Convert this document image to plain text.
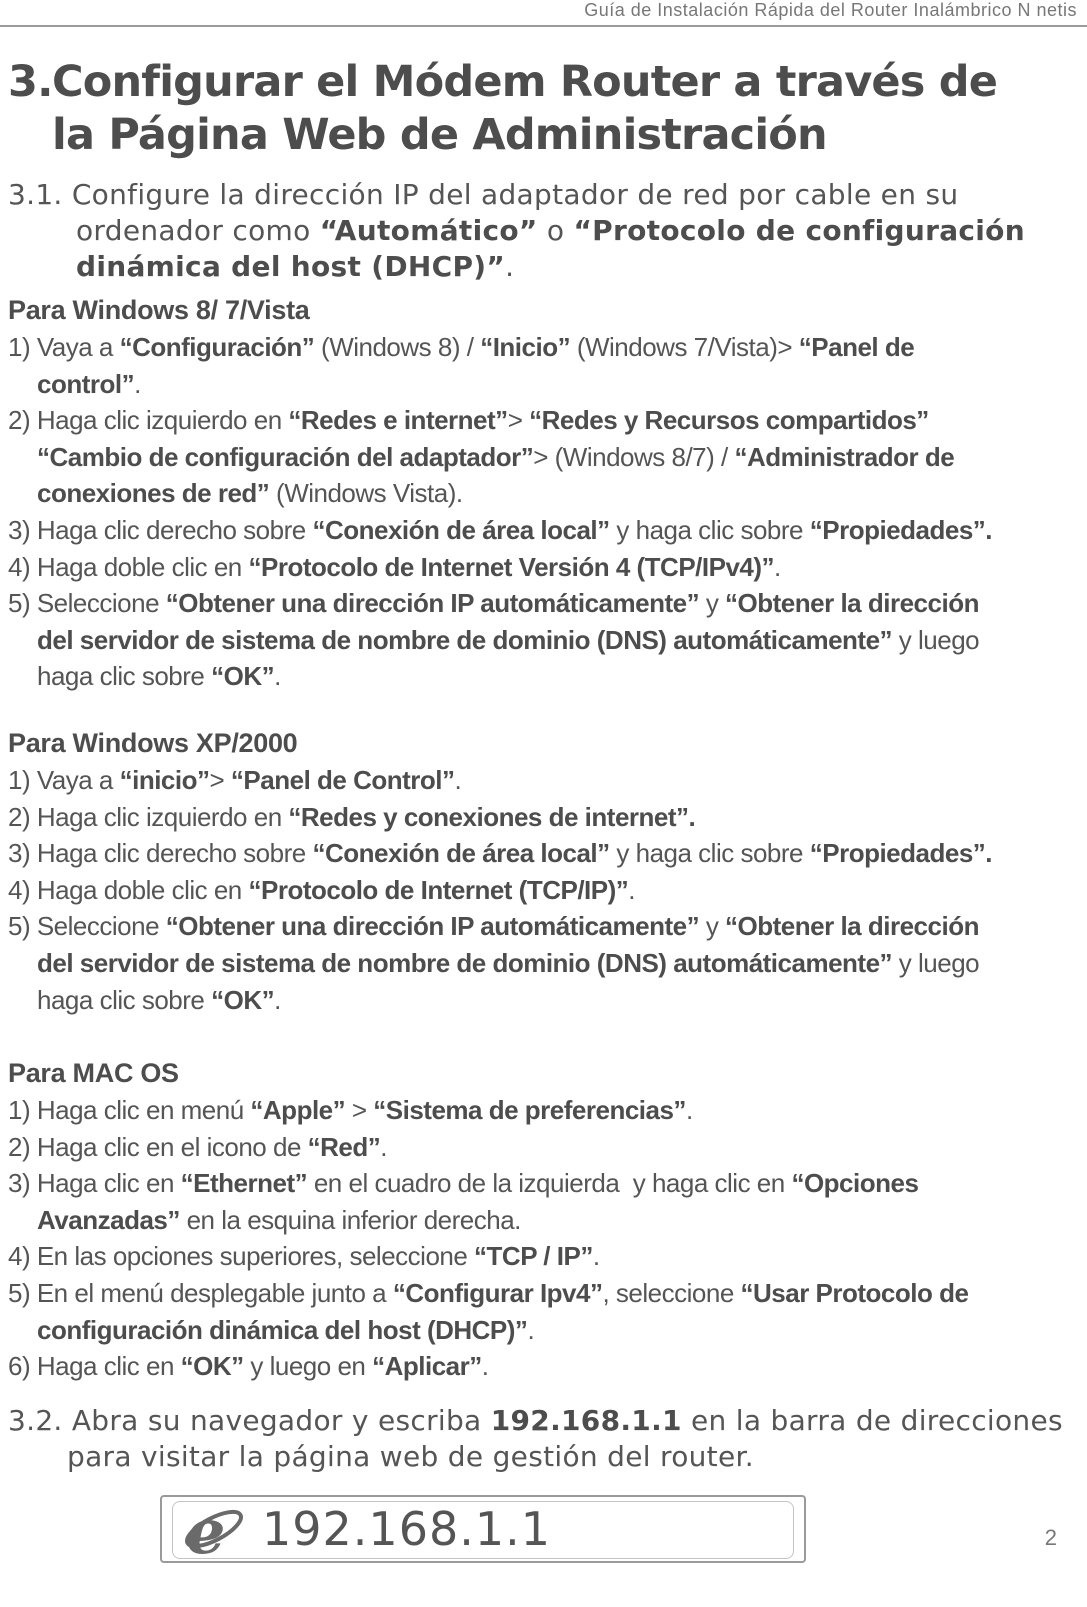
Guía de Instalación Rápida del Router Inalámbrico N netis
3.Configurar el Módem Router a través de
la Página Web de Administración

3.1. Configure la dirección IP del adaptador de red por cable en su
ordenador como “Automático” o “Protocolo de configuración
dinámica del host (DHCP)”.

Para Windows 8/ 7/Vista
1) Vaya a “Configuración” (Windows 8) / “Inicio” (Windows 7/Vista)> “Panel de
control”.
2) Haga clic izquierdo en “Redes e internet”> “Redes y Recursos compartidos”
“Cambio de configuración del adaptador”> (Windows 8/7) / “Administrador de
conexiones de red” (Windows Vista).
3) Haga clic derecho sobre “Conexión de área local” y haga clic sobre “Propiedades”.
4) Haga doble clic en “Protocolo de Internet Versión 4 (TCP/IPv4)”.
5) Seleccione “Obtener una dirección IP automáticamente” y “Obtener la dirección
del servidor de sistema de nombre de dominio (DNS) automáticamente” y luego
haga clic sobre “OK”.
Para Windows XP/2000
1) Vaya a “inicio”> “Panel de Control”.
2) Haga clic izquierdo en “Redes y conexiones de internet”.
3) Haga clic derecho sobre “Conexión de área local” y haga clic sobre “Propiedades”.
4) Haga doble clic en “Protocolo de Internet (TCP/IP)”.
5) Seleccione “Obtener una dirección IP automáticamente” y “Obtener la dirección
del servidor de sistema de nombre de dominio (DNS) automáticamente” y luego
haga clic sobre “OK”.
Para MAC OS
1) Haga clic en menú “Apple” > “Sistema de preferencias”.
2) Haga clic en el icono de “Red”.
3) Haga clic en “Ethernet” en el cuadro de la izquierda  y haga clic en “Opciones
Avanzadas” en la esquina inferior derecha.
4) En las opciones superiores, seleccione “TCP / IP”.
5) En el menú desplegable junto a “Configurar Ipv4”, seleccione “Usar Protocolo de
configuración dinámica del host (DHCP)”.
6) Haga clic en “OK” y luego en “Aplicar”.

3.2. Abra su navegador y escriba 192.168.1.1 en la barra de direcciones
para visitar la página web de gestión del router.

e 192.168.1.1	2
